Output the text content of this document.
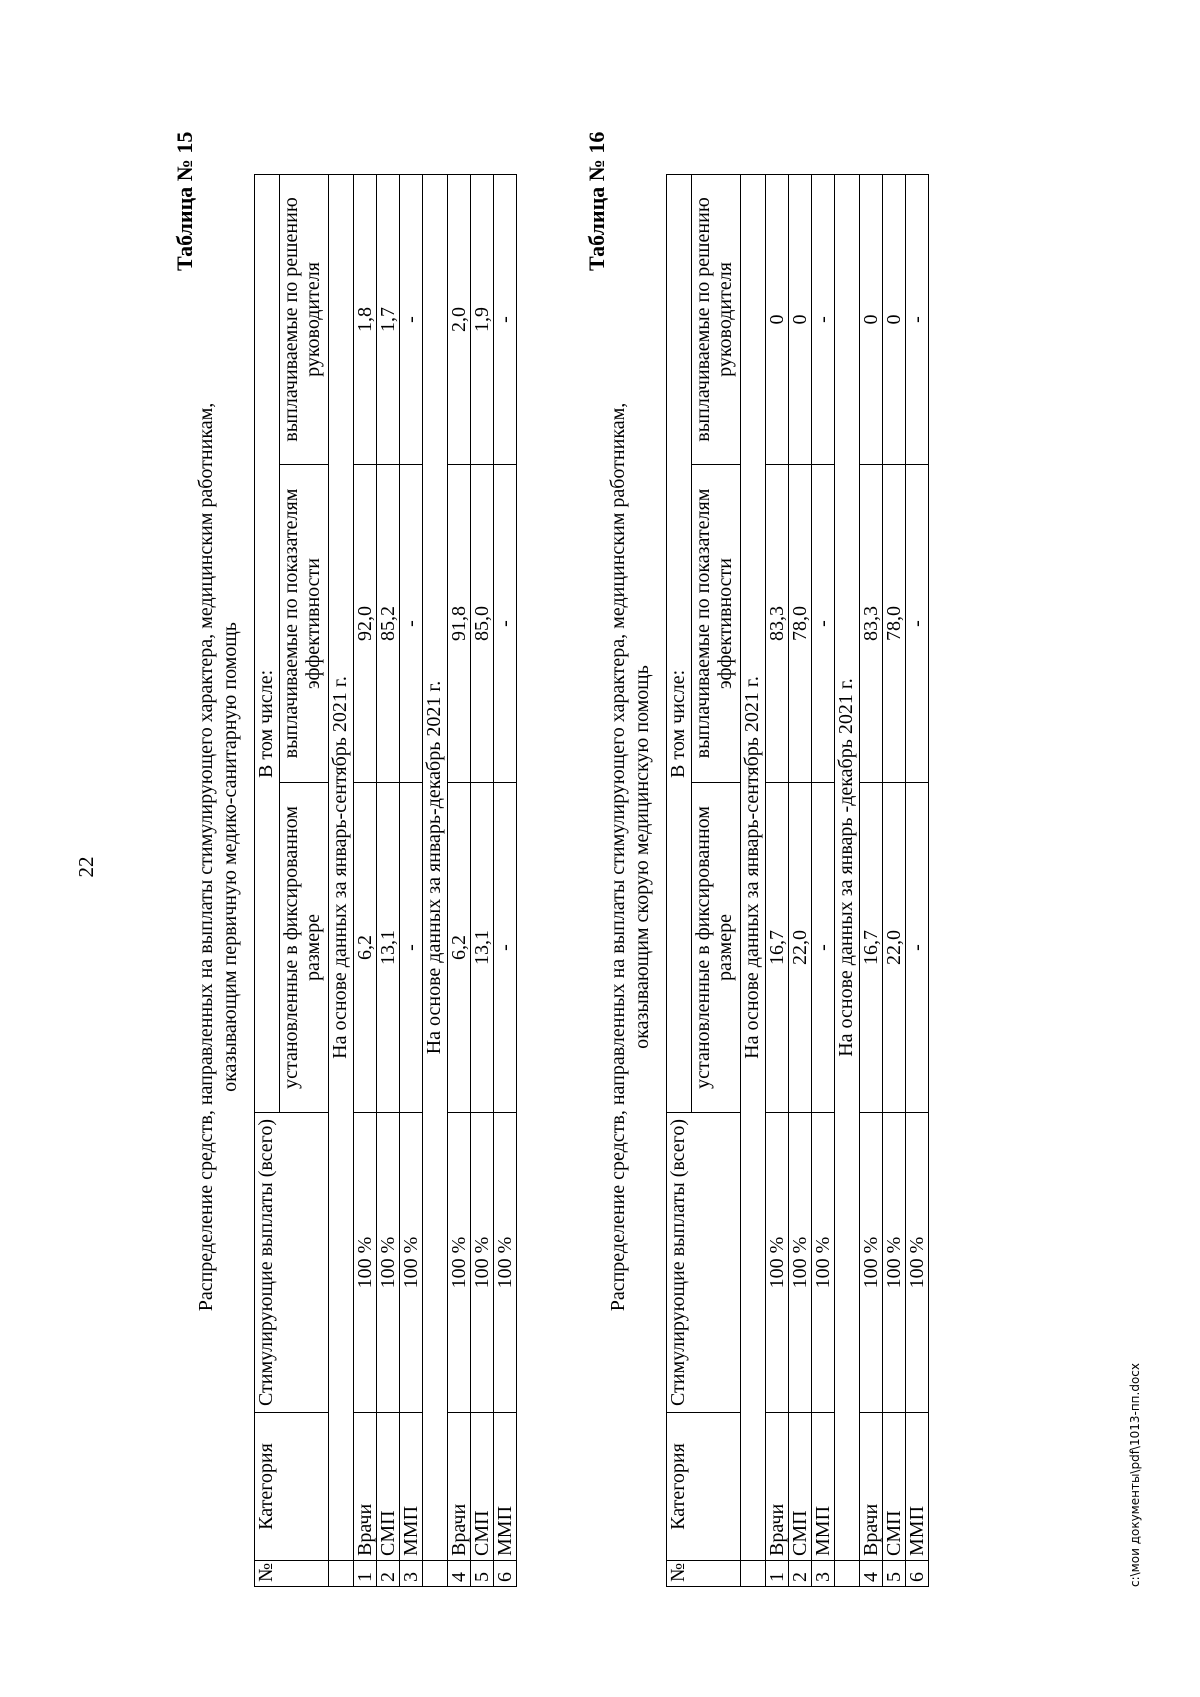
22
Таблица № 15
Распределение средств, направленных на выплаты стимулирующего характера, медицинским работникам, оказывающим первичную медико-санитарную помощь
№	Категория	Стимулирующие выплаты (всего)	В том числе:		
			установленные в фиксированном размере	выплачиваемые по показателям эффективности	выплачиваемые по решению руководителя
	На основе данных за январь-сентябрь 2021 г.				
1	Врачи	100 %	6,2	92,0	1,8
2	СМП	100 %	13,1	85,2	1,7
3	ММП	100 %	-	-	-
	На основе данных за январь-декабрь 2021 г.				
4	Врачи	100 %	6,2	91,8	2,0
5	СМП	100 %	13,1	85,0	1,9
6	ММП	100 %	-	-	-
Таблица № 16
Распределение средств, направленных на выплаты стимулирующего характера, медицинским работникам, оказывающим скорую медицинскую помощь
№	Категория	Стимулирующие выплаты (всего)	В том числе:		
			установленные в фиксированном размере	выплачиваемые по показателям эффективности	выплачиваемые по решению руководителя
	На основе данных за январь-сентябрь 2021 г.				
1	Врачи	100 %	16,7	83,3	0
2	СМП	100 %	22,0	78,0	0
3	ММП	100 %	-	-	-
	На основе данных за январь -декабрь 2021 г.				
4	Врачи	100 %	16,7	83,3	0
5	СМП	100 %	22,0	78,0	0
6	ММП	100 %	-	-	-
c:\мои документы\pdf\1013-пп.docx
